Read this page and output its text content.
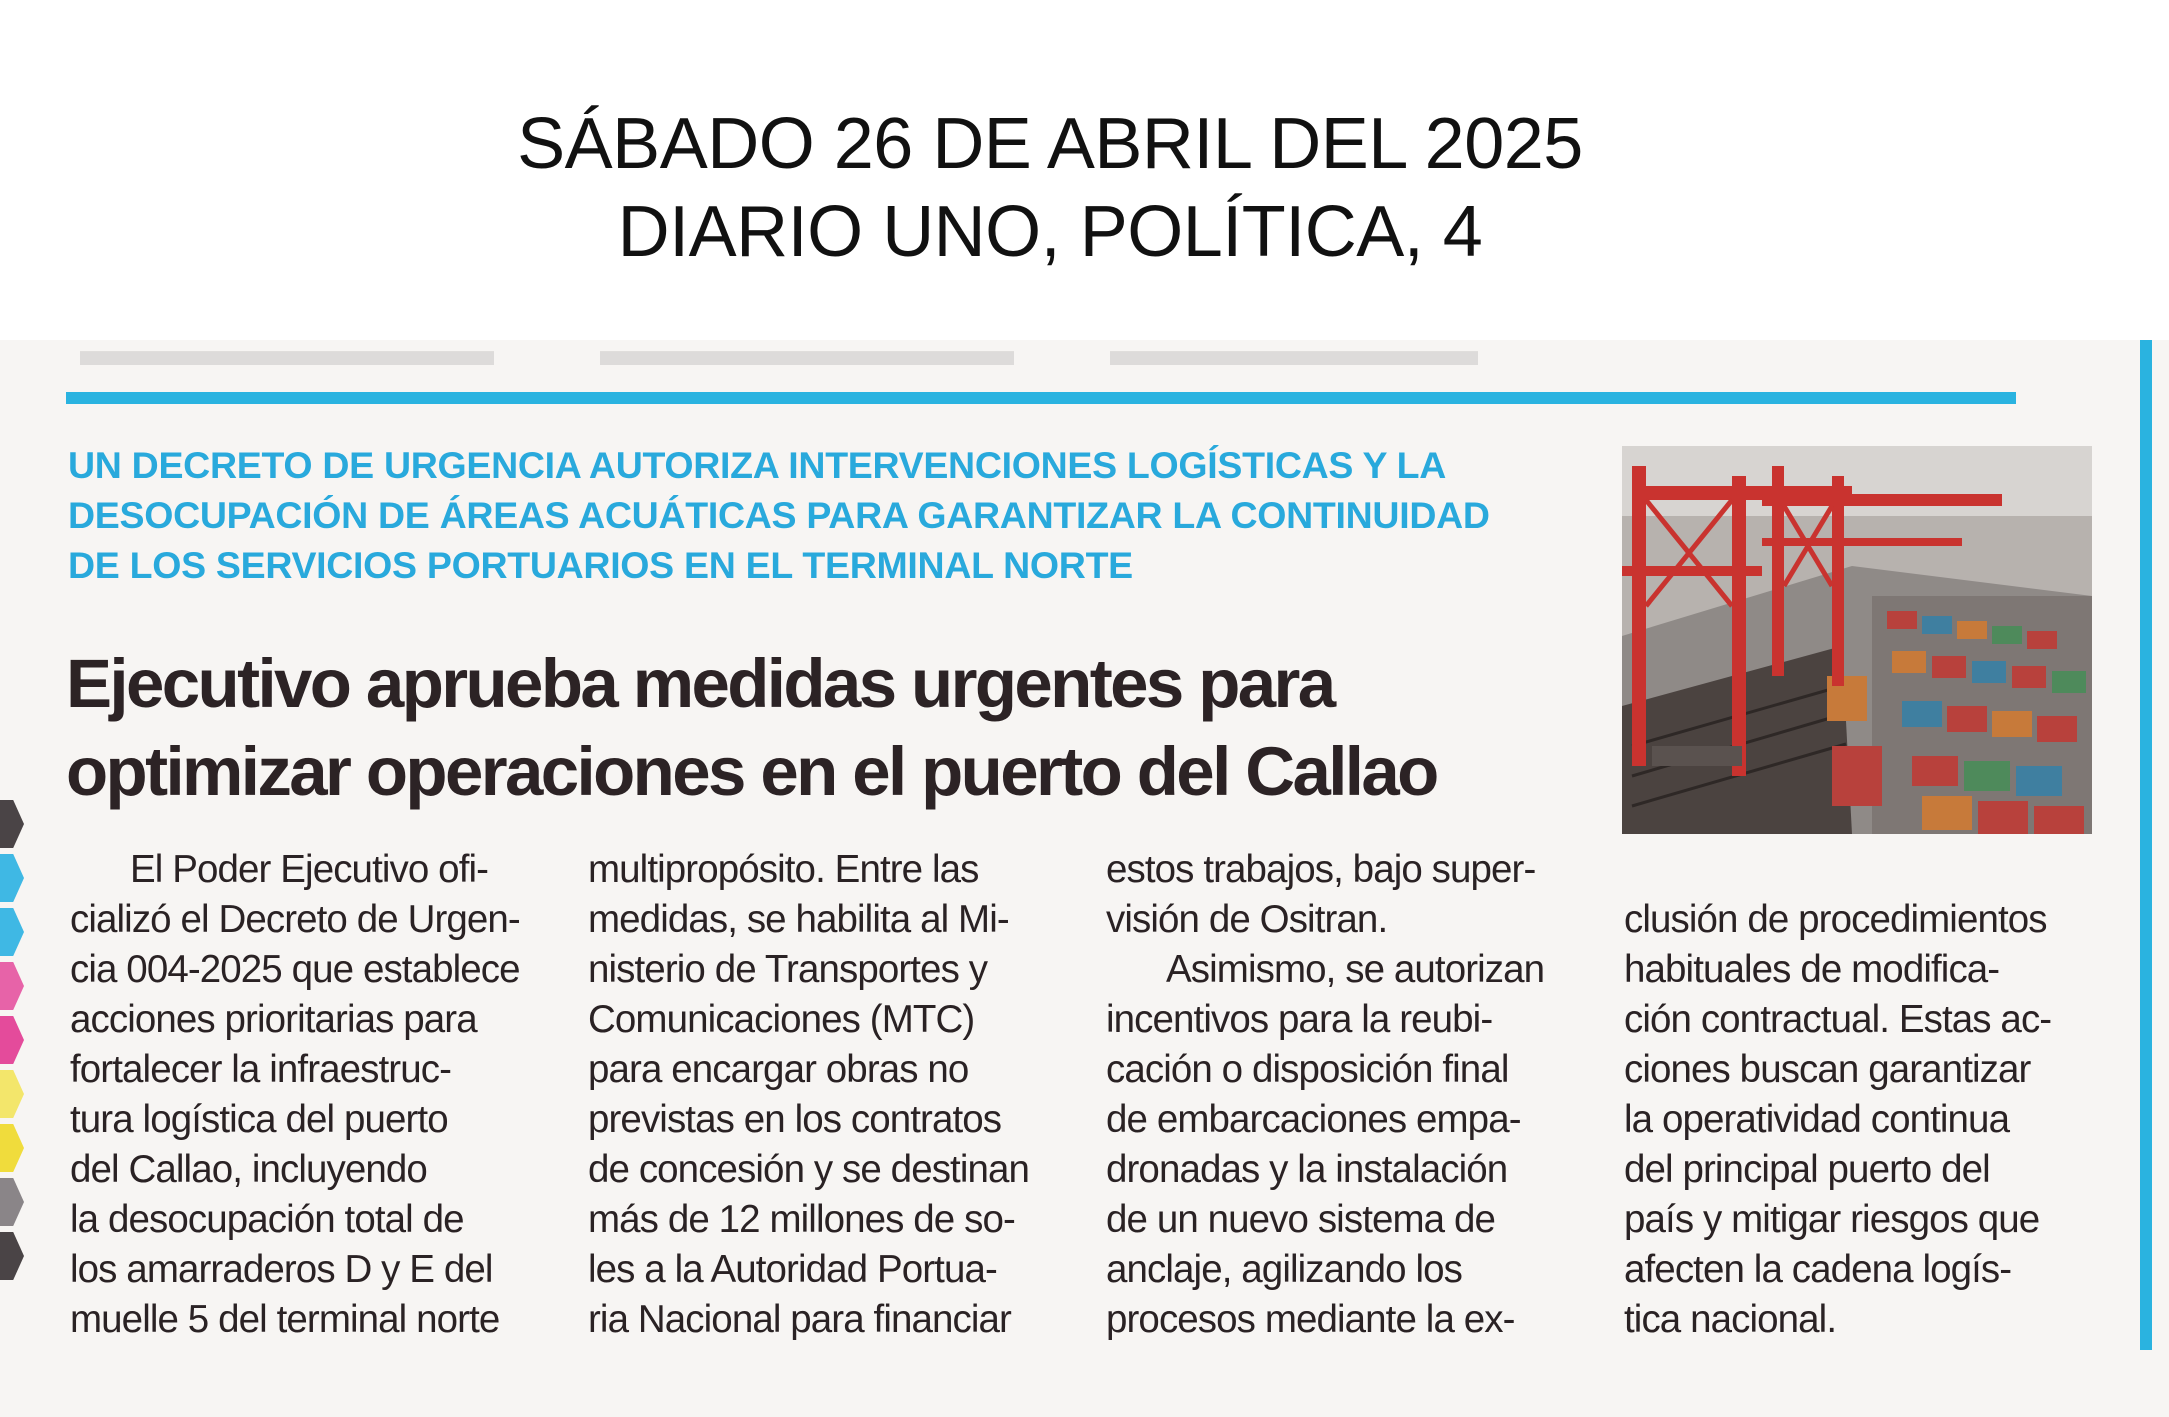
SÁBADO 26 DE ABRIL DEL 2025
DIARIO UNO, POLÍTICA, 4
▬▬▬▬▬▬▬▬▬ ▬▬▬▬▬▬▬▬▬ ▬▬▬▬▬▬▬▬
UN DECRETO DE URGENCIA AUTORIZA INTERVENCIONES LOGÍSTICAS Y LA
DESOCUPACIÓN DE ÁREAS ACUÁTICAS PARA GARANTIZAR LA CONTINUIDAD
DE LOS SERVICIOS PORTUARIOS EN EL TERMINAL NORTE
Ejecutivo aprueba medidas urgentes para
optimizar operaciones en el puerto del Callao
El Poder Ejecutivo ofi-
cializó el Decreto de Urgen-
cia 004-2025 que establece
acciones prioritarias para
fortalecer la infraestruc-
tura logística del puerto
del Callao, incluyendo
la desocupación total de
los amarraderos D y E del
muelle 5 del terminal norte
multipropósito. Entre las
medidas, se habilita al Mi-
nisterio de Transportes y
Comunicaciones (MTC)
para encargar obras no
previstas en los contratos
de concesión y se destinan
más de 12 millones de so-
les a la Autoridad Portua-
ria Nacional para financiar
estos trabajos, bajo super-
visión de Ositran.
Asimismo, se autorizan
incentivos para la reubi-
cación o disposición final
de embarcaciones empa-
dronadas y la instalación
de un nuevo sistema de
anclaje, agilizando los
procesos mediante la ex-
clusión de procedimientos
habituales de modifica-
ción contractual. Estas ac-
ciones buscan garantizar
la operatividad continua
del principal puerto del
país y mitigar riesgos que
afecten la cadena logís-
tica nacional.
